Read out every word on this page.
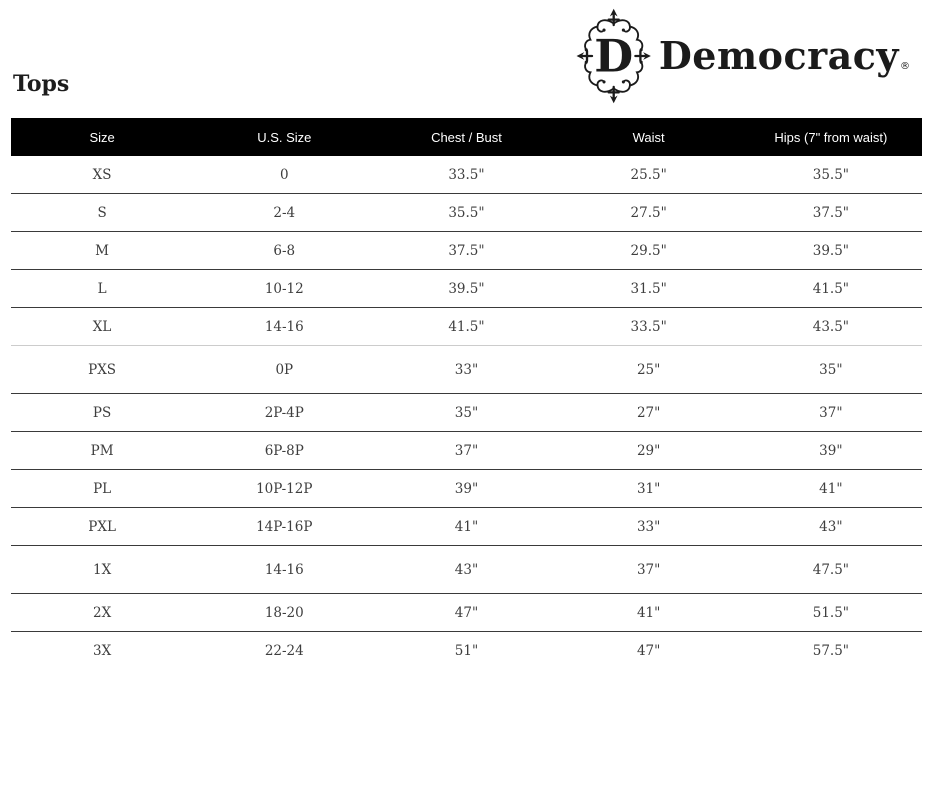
D Democracy ®
Tops
Size	U.S. Size	Chest / Bust	Waist	Hips (7" from waist)
XS	0	33.5"	25.5"	35.5"
S	2-4	35.5"	27.5"	37.5"
M	6-8	37.5"	29.5"	39.5"
L	10-12	39.5"	31.5"	41.5"
XL	14-16	41.5"	33.5"	43.5"
PXS	0P	33"	25"	35"
PS	2P-4P	35"	27"	37"
PM	6P-8P	37"	29"	39"
PL	10P-12P	39"	31"	41"
PXL	14P-16P	41"	33"	43"
1X	14-16	43"	37"	47.5"
2X	18-20	47"	41"	51.5"
3X	22-24	51"	47"	57.5"
